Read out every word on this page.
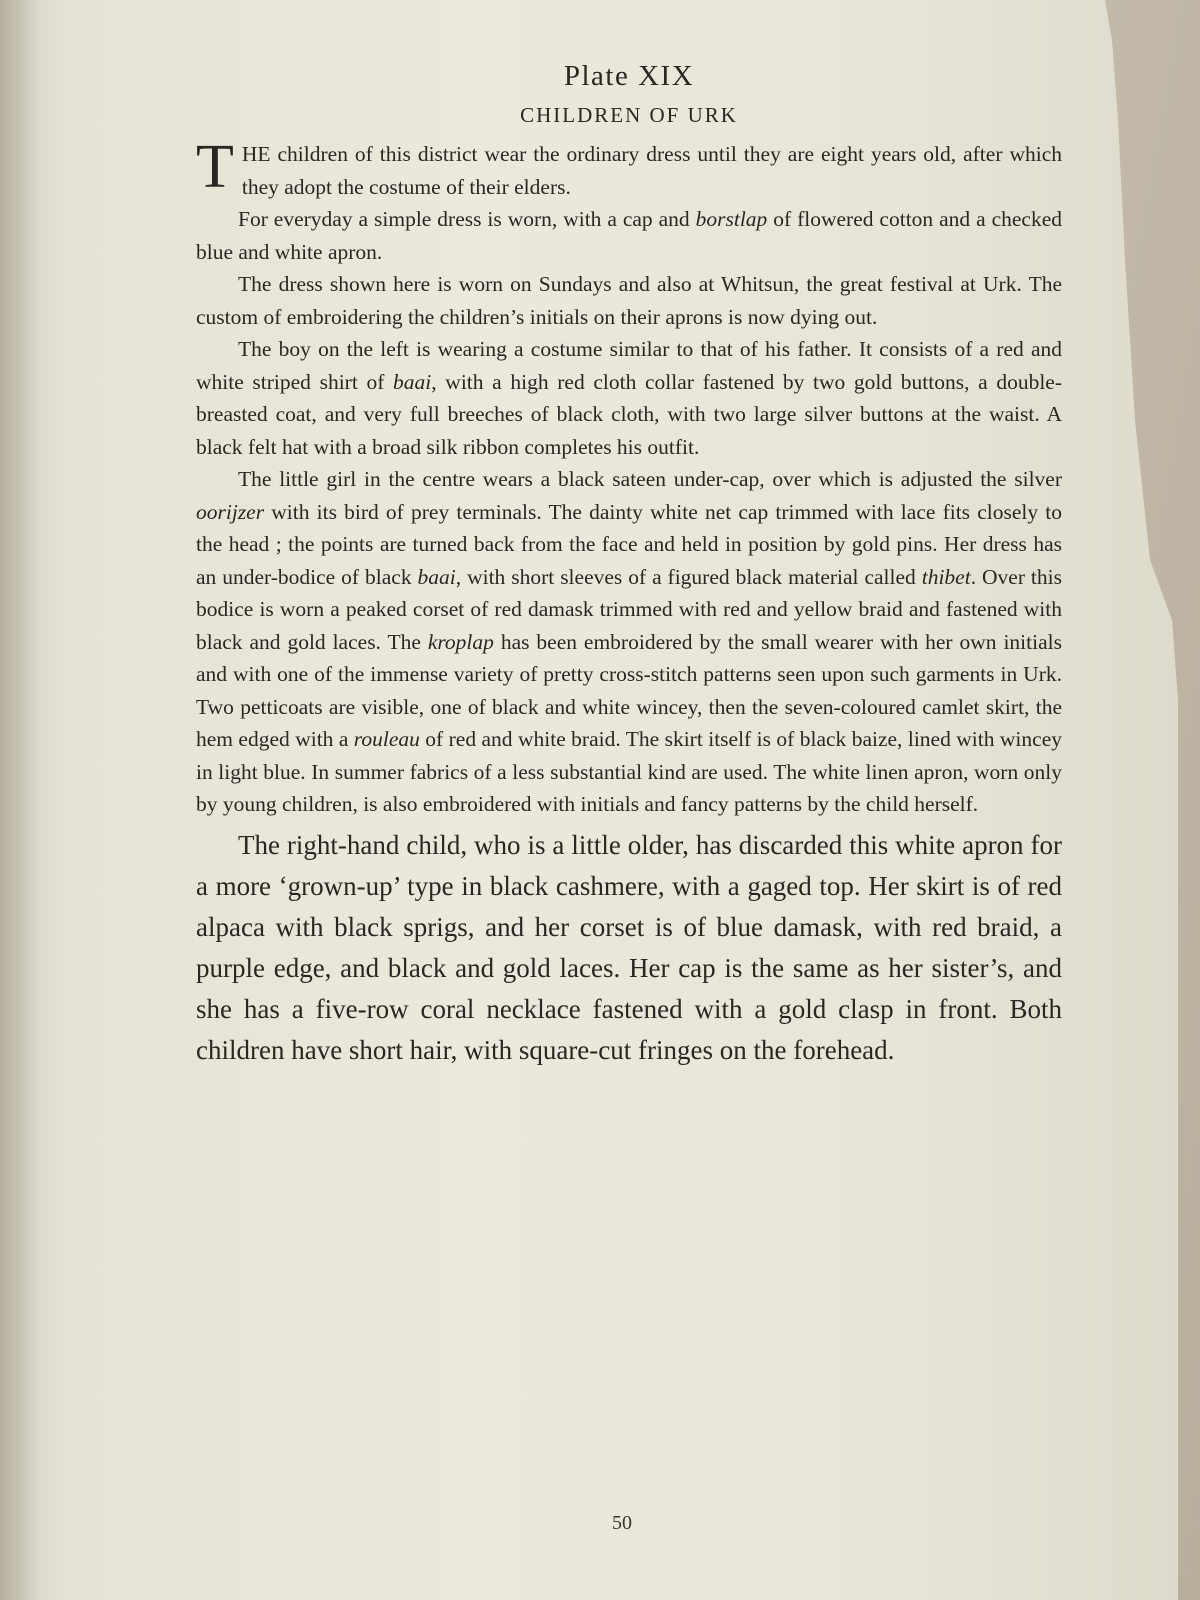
Plate XIX
CHILDREN OF URK

THE children of this district wear the ordinary dress until they are eight years old, after which they adopt the costume of their elders.

For everyday a simple dress is worn, with a cap and borstlap of flowered cotton and a checked blue and white apron.

The dress shown here is worn on Sundays and also at Whitsun, the great festival at Urk. The custom of embroidering the children’s initials on their aprons is now dying out.

The boy on the left is wearing a costume similar to that of his father. It consists of a red and white striped shirt of baai, with a high red cloth collar fastened by two gold buttons, a double-breasted coat, and very full breeches of black cloth, with two large silver buttons at the waist. A black felt hat with a broad silk ribbon completes his outfit.

The little girl in the centre wears a black sateen under-cap, over which is adjusted the silver oorijzer with its bird of prey terminals. The dainty white net cap trimmed with lace fits closely to the head ; the points are turned back from the face and held in position by gold pins. Her dress has an under-bodice of black baai, with short sleeves of a figured black material called thibet. Over this bodice is worn a peaked corset of red damask trimmed with red and yellow braid and fastened with black and gold laces. The kroplap has been embroidered by the small wearer with her own initials and with one of the immense variety of pretty cross-stitch patterns seen upon such garments in Urk. Two petticoats are visible, one of black and white wincey, then the seven-coloured camlet skirt, the hem edged with a rouleau of red and white braid. The skirt itself is of black baize, lined with wincey in light blue. In summer fabrics of a less substantial kind are used. The white linen apron, worn only by young children, is also embroidered with initials and fancy patterns by the child herself.

The right-hand child, who is a little older, has discarded this white apron for a more ‘grown-up’ type in black cashmere, with a gaged top. Her skirt is of red alpaca with black sprigs, and her corset is of blue damask, with red braid, a purple edge, and black and gold laces. Her cap is the same as her sister’s, and she has a five-row coral necklace fastened with a gold clasp in front. Both children have short hair, with square-cut fringes on the forehead.

50
